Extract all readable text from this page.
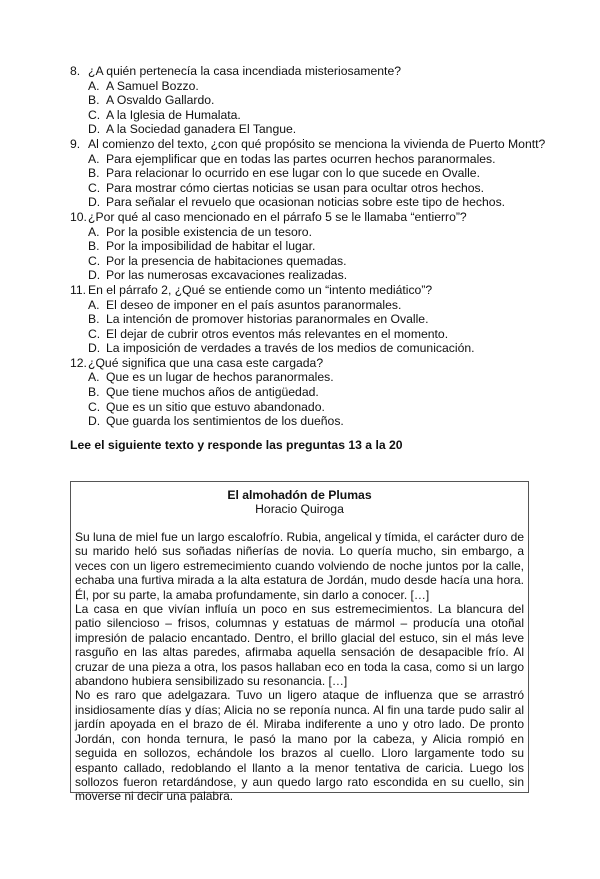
8. ¿A quién pertenecía la casa incendiada misteriosamente?
A. A Samuel Bozzo.
B. A Osvaldo Gallardo.
C. A la Iglesia de Humalata.
D. A la Sociedad ganadera El Tangue.
9. Al comienzo del texto, ¿con qué propósito se menciona la vivienda de Puerto Montt?
A. Para ejemplificar que en todas las partes ocurren hechos paranormales.
B. Para relacionar lo ocurrido en ese lugar con lo que sucede en Ovalle.
C. Para mostrar cómo ciertas noticias se usan para ocultar otros hechos.
D. Para señalar el revuelo que ocasionan noticias sobre este tipo de hechos.
10. ¿Por qué al caso mencionado en el párrafo 5 se le llamaba “entierro”?
A. Por la posible existencia de un tesoro.
B. Por la imposibilidad de habitar el lugar.
C. Por la presencia de habitaciones quemadas.
D. Por las numerosas excavaciones realizadas.
11. En el párrafo 2, ¿Qué se entiende como un “intento mediático”?
A. El deseo de imponer en el país asuntos paranormales.
B. La intención de promover historias paranormales en Ovalle.
C. El dejar de cubrir otros eventos más relevantes en el momento.
D. La imposición de verdades a través de los medios de comunicación.
12. ¿Qué significa que una casa este cargada?
A. Que es un lugar de hechos paranormales.
B. Que tiene muchos años de antigüedad.
C. Que es un sitio que estuvo abandonado.
D. Que guarda los sentimientos de los dueños.
Lee el siguiente texto y responde las preguntas 13 a la 20

El almohadón de Plumas

Horacio Quiroga

Su luna de miel fue un largo escalofrío. Rubia, angelical y tímida, el carácter duro de su marido heló sus soñadas niñerías de novia. Lo quería mucho, sin embargo, a veces con un ligero estremecimiento cuando volviendo de noche juntos por la calle, echaba una furtiva mirada a la alta estatura de Jordán, mudo desde hacía una hora. Él, por su parte, la amaba profundamente, sin darlo a conocer. […]

La casa en que vivían influía un poco en sus estremecimientos. La blancura del patio silencioso – frisos, columnas y estatuas de mármol – producía una otoñal impresión de palacio encantado. Dentro, el brillo glacial del estuco, sin el más leve rasguño en las altas paredes, afirmaba aquella sensación de desapacible frío. Al cruzar de una pieza a otra, los pasos hallaban eco en toda la casa, como si un largo abandono hubiera sensibilizado su resonancia. […]

No es raro que adelgazara. Tuvo un ligero ataque de influenza que se arrastró insidiosamente días y días; Alicia no se reponía nunca. Al fin una tarde pudo salir al jardín apoyada en el brazo de él. Miraba indiferente a uno y otro lado. De pronto Jordán, con honda ternura, le pasó la mano por la cabeza, y Alicia rompió en seguida en sollozos, echándole los brazos al cuello. Lloro largamente todo su espanto callado, redoblando el llanto a la menor tentativa de caricia. Luego los sollozos fueron retardándose, y aun quedo largo rato escondida en su cuello, sin moverse ni decir una palabra.
